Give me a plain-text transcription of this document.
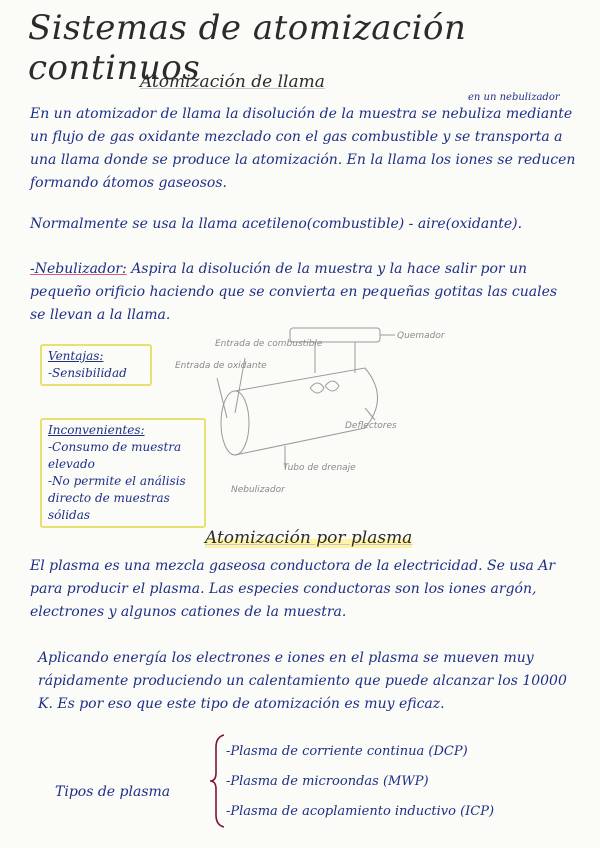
Sistemas de atomización continuos
Atomización de llama
en un nebulizador
En un atomizador de llama la disolución de la muestra se nebuliza mediante un flujo de gas oxidante mezclado con el gas combustible y se transporta a una llama donde se produce la atomización. En la llama los iones se reducen formando átomos gaseosos.
Normalmente se usa la llama acetileno(combustible) - aire(oxidante).
-Nebulizador: Aspira la disolución de la muestra y la hace salir por un pequeño orificio haciendo que se convierta en pequeñas gotitas las cuales se llevan a la llama.
Ventajas:
-Sensibilidad
Inconvenientes:
-Consumo de muestra elevado
-No permite el análisis directo de muestras sólidas
Entrada de combustible
Entrada de oxidante
Quemador
Deflectores
Tubo de drenaje
Nebulizador
Atomización por plasma
El plasma es una mezcla gaseosa conductora de la electricidad. Se usa Ar para producir el plasma. Las especies conductoras son los iones argón, electrones y algunos cationes de la muestra.
Aplicando energía los electrones e iones en el plasma se mueven muy rápidamente produciendo un calentamiento que puede alcanzar los 10000 K. Es por eso que este tipo de atomización es muy eficaz.
Tipos de plasma
-Plasma de corriente continua (DCP)
-Plasma de microondas (MWP)
-Plasma de acoplamiento inductivo (ICP)
